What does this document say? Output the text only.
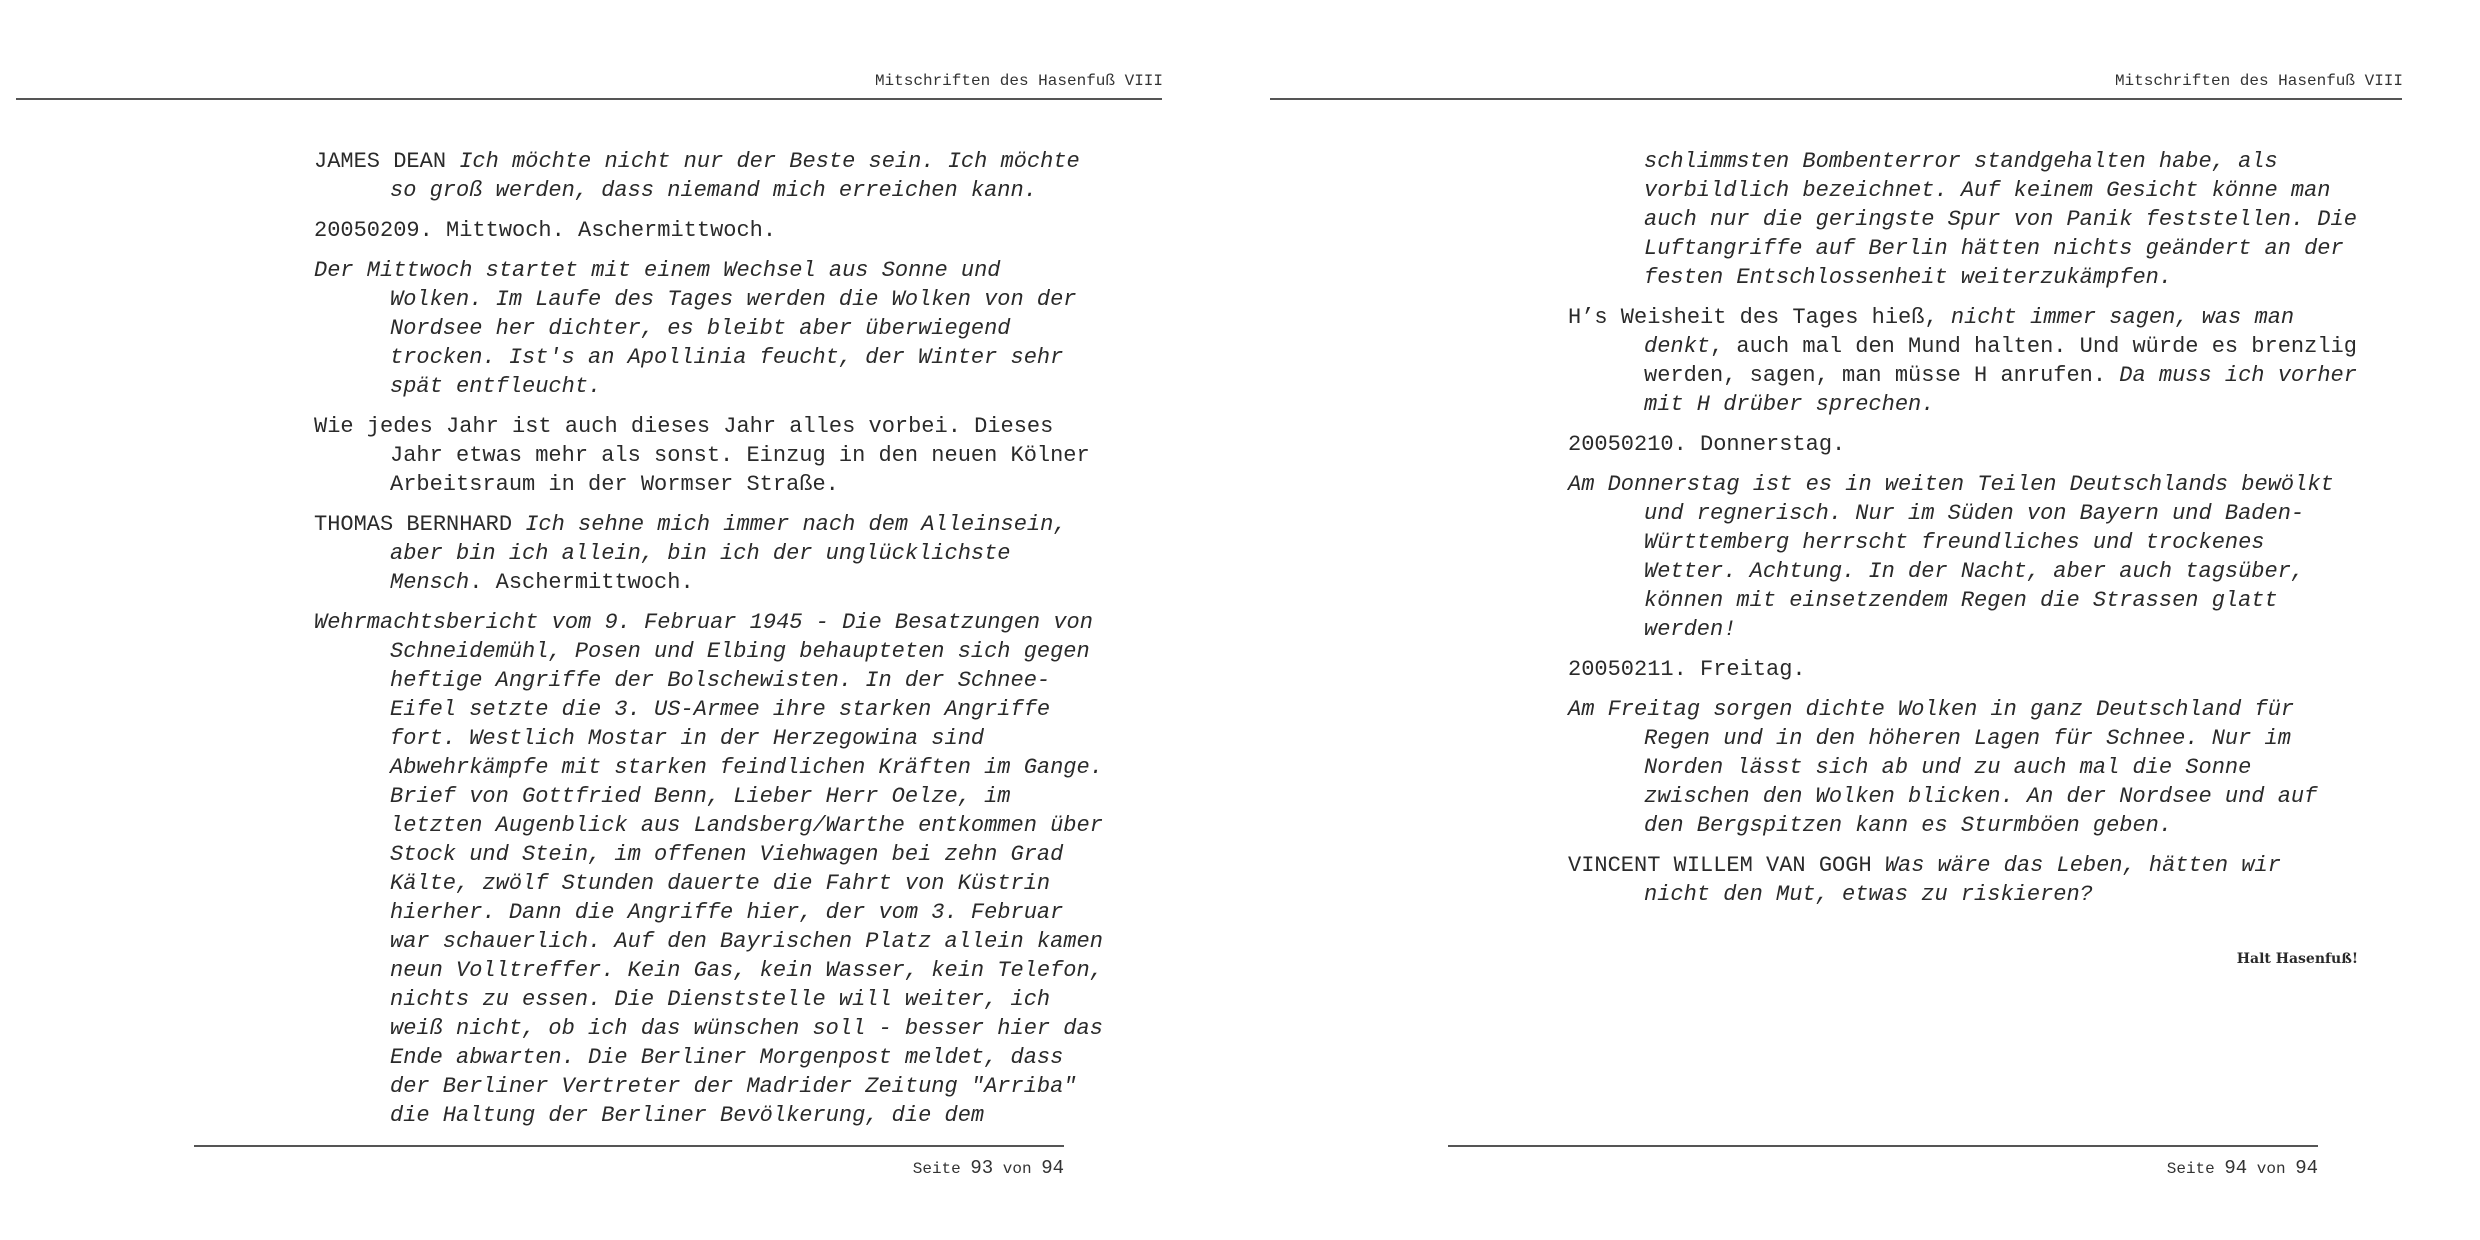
Mitschriften des Hasenfuß VIII

JAMES DEAN Ich möchte nicht nur der Beste sein. Ich möchte so groß werden, dass niemand mich erreichen kann.

20050209. Mittwoch. Aschermittwoch.

Der Mittwoch startet mit einem Wechsel aus Sonne und Wolken. Im Laufe des Tages werden die Wolken von der Nordsee her dichter, es bleibt aber überwiegend trocken. Ist's an Apollinia feucht, der Winter sehr spät entfleucht.

Wie jedes Jahr ist auch dieses Jahr alles vorbei. Dieses Jahr etwas mehr als sonst. Einzug in den neuen Kölner Arbeitsraum in der Wormser Straße.

THOMAS BERNHARD Ich sehne mich immer nach dem Alleinsein, aber bin ich allein, bin ich der unglücklichste Mensch. Aschermittwoch.

Wehrmachtsbericht vom 9. Februar 1945 - Die Besatzungen von Schneidemühl, Posen und Elbing behaupteten sich gegen heftige Angriffe der Bolschewisten. In der Schnee-Eifel setzte die 3. US-Armee ihre starken Angriffe fort. Westlich Mostar in der Herzegowina sind Abwehrkämpfe mit starken feindlichen Kräften im Gange. Brief von Gottfried Benn, Lieber Herr Oelze, im letzten Augenblick aus Landsberg/Warthe entkommen über Stock und Stein, im offenen Viehwagen bei zehn Grad Kälte, zwölf Stunden dauerte die Fahrt von Küstrin hierher. Dann die Angriffe hier, der vom 3. Februar war schauerlich. Auf den Bayrischen Platz allein kamen neun Volltreffer. Kein Gas, kein Wasser, kein Telefon, nichts zu essen. Die Dienststelle will weiter, ich weiß nicht, ob ich das wünschen soll - besser hier das Ende abwarten. Die Berliner Morgenpost meldet, dass der Berliner Vertreter der Madrider Zeitung "Arriba" die Haltung der Berliner Bevölkerung, die dem

Seite 93 von 94
Mitschriften des Hasenfuß VIII

schlimmsten Bombenterror standgehalten habe, als vorbildlich bezeichnet. Auf keinem Gesicht könne man auch nur die geringste Spur von Panik feststellen. Die Luftangriffe auf Berlin hätten nichts geändert an der festen Entschlossenheit weiterzukämpfen.

H’s Weisheit des Tages hieß, nicht immer sagen, was man denkt, auch mal den Mund halten. Und würde es brenzlig werden, sagen, man müsse H anrufen. Da muss ich vorher mit H drüber sprechen.

20050210. Donnerstag.

Am Donnerstag ist es in weiten Teilen Deutschlands bewölkt und regnerisch. Nur im Süden von Bayern und Baden-Württemberg herrscht freundliches und trockenes Wetter. Achtung. In der Nacht, aber auch tagsüber, können mit einsetzendem Regen die Strassen glatt werden!

20050211. Freitag.

Am Freitag sorgen dichte Wolken in ganz Deutschland für Regen und in den höheren Lagen für Schnee. Nur im Norden lässt sich ab und zu auch mal die Sonne zwischen den Wolken blicken. An der Nordsee und auf den Bergspitzen kann es Sturmböen geben.

VINCENT WILLEM VAN GOGH Was wäre das Leben, hätten wir nicht den Mut, etwas zu riskieren?

Halt Hasenfuß!
Seite 94 von 94
